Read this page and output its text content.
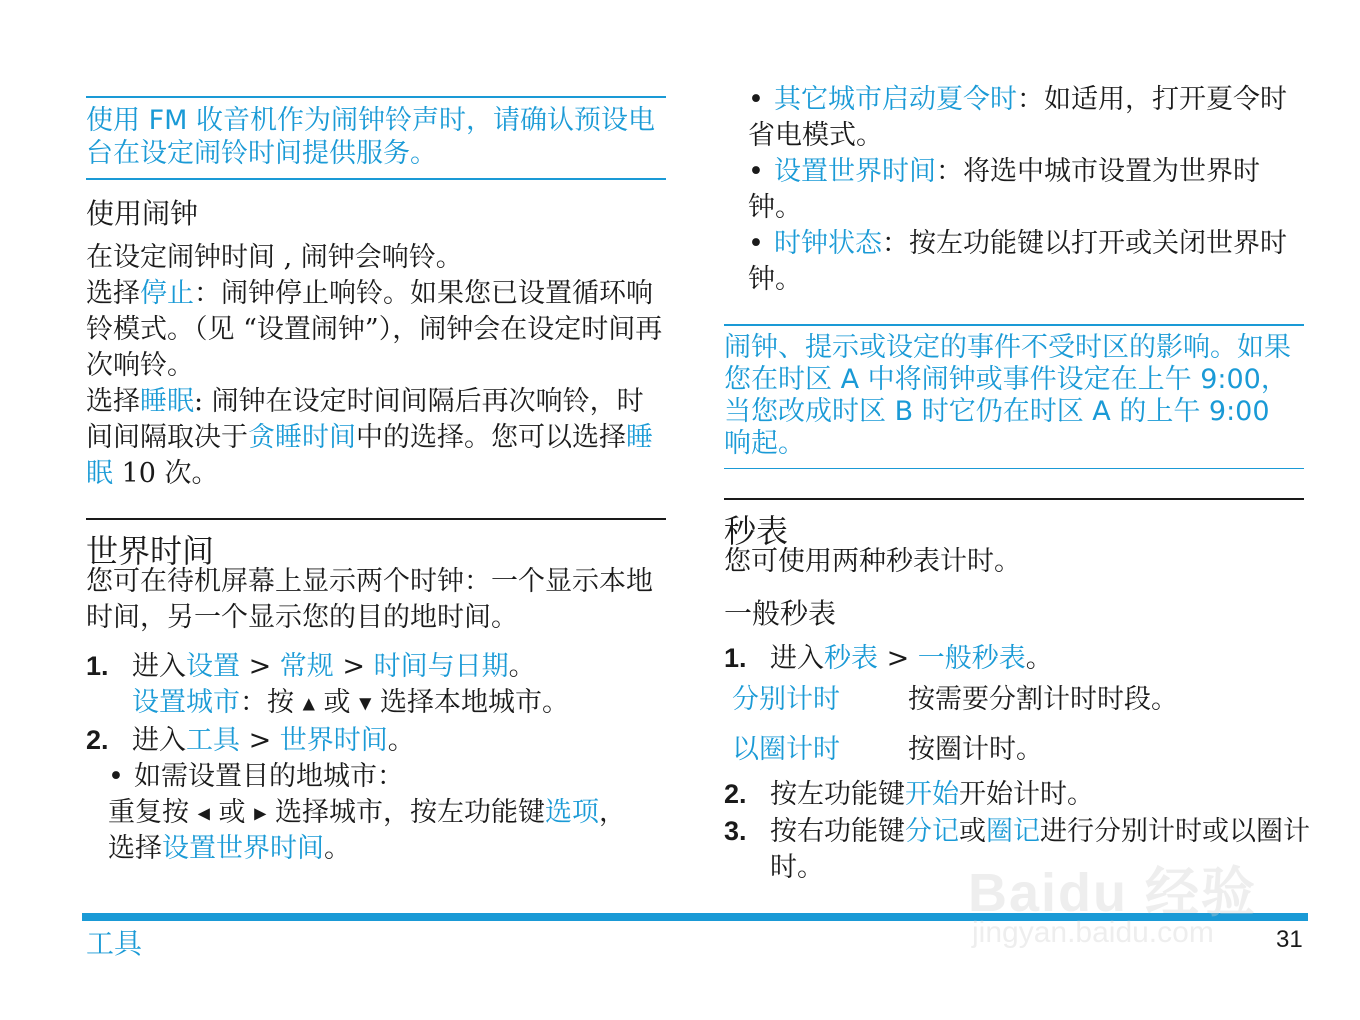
使用 FM 收音机作为闹钟铃声时，请确认预设电台在设定闹铃时间提供服务。
使用闹钟
在设定闹钟时间 , 闹钟会响铃。
选择停止：闹钟停止响铃。如果您已设置循环响铃模式。（见 “设置闹钟”），闹钟会在设定时间再次响铃。
选择睡眠: 闹钟在设定时间间隔后再次响铃，时间间隔取决于贪睡时间中的选择。您可以选择睡眠 10 次。
世界时间
您可在待机屏幕上显示两个时钟：一个显示本地时间，另一个显示您的目的地时间。
1. 进入设置 > 常规 > 时间与日期。
设置城市：按 ▲ 或 ▼ 选择本地城市。
2. 进入工具 > 世界时间。
• 如需设置目的地城市：
重复按 ◀ 或 ▶ 选择城市，按左功能键选项，
选择设置世界时间。
• 其它城市启动夏令时：如适用，打开夏令时省电模式。
• 设置世界时间：将选中城市设置为世界时钟。
• 时钟状态：按左功能键以打开或关闭世界时钟。
闹钟、提示或设定的事件不受时区的影响。如果您在时区 A 中将闹钟或事件设定在上午 9:00，当您改成时区 B 时它仍在时区 A 的上午 9:00 响起。
秒表
您可使用两种秒表计时。
一般秒表
1. 进入秒表 > 一般秒表。
分别计时	按需要分割计时时段。
以圈计时	按圈计时。
2. 按左功能键开始开始计时。
3. 按右功能键分记或圈记进行分别计时或以圈计时。
工具	31
Baidu 经验
jingyan.baidu.com
